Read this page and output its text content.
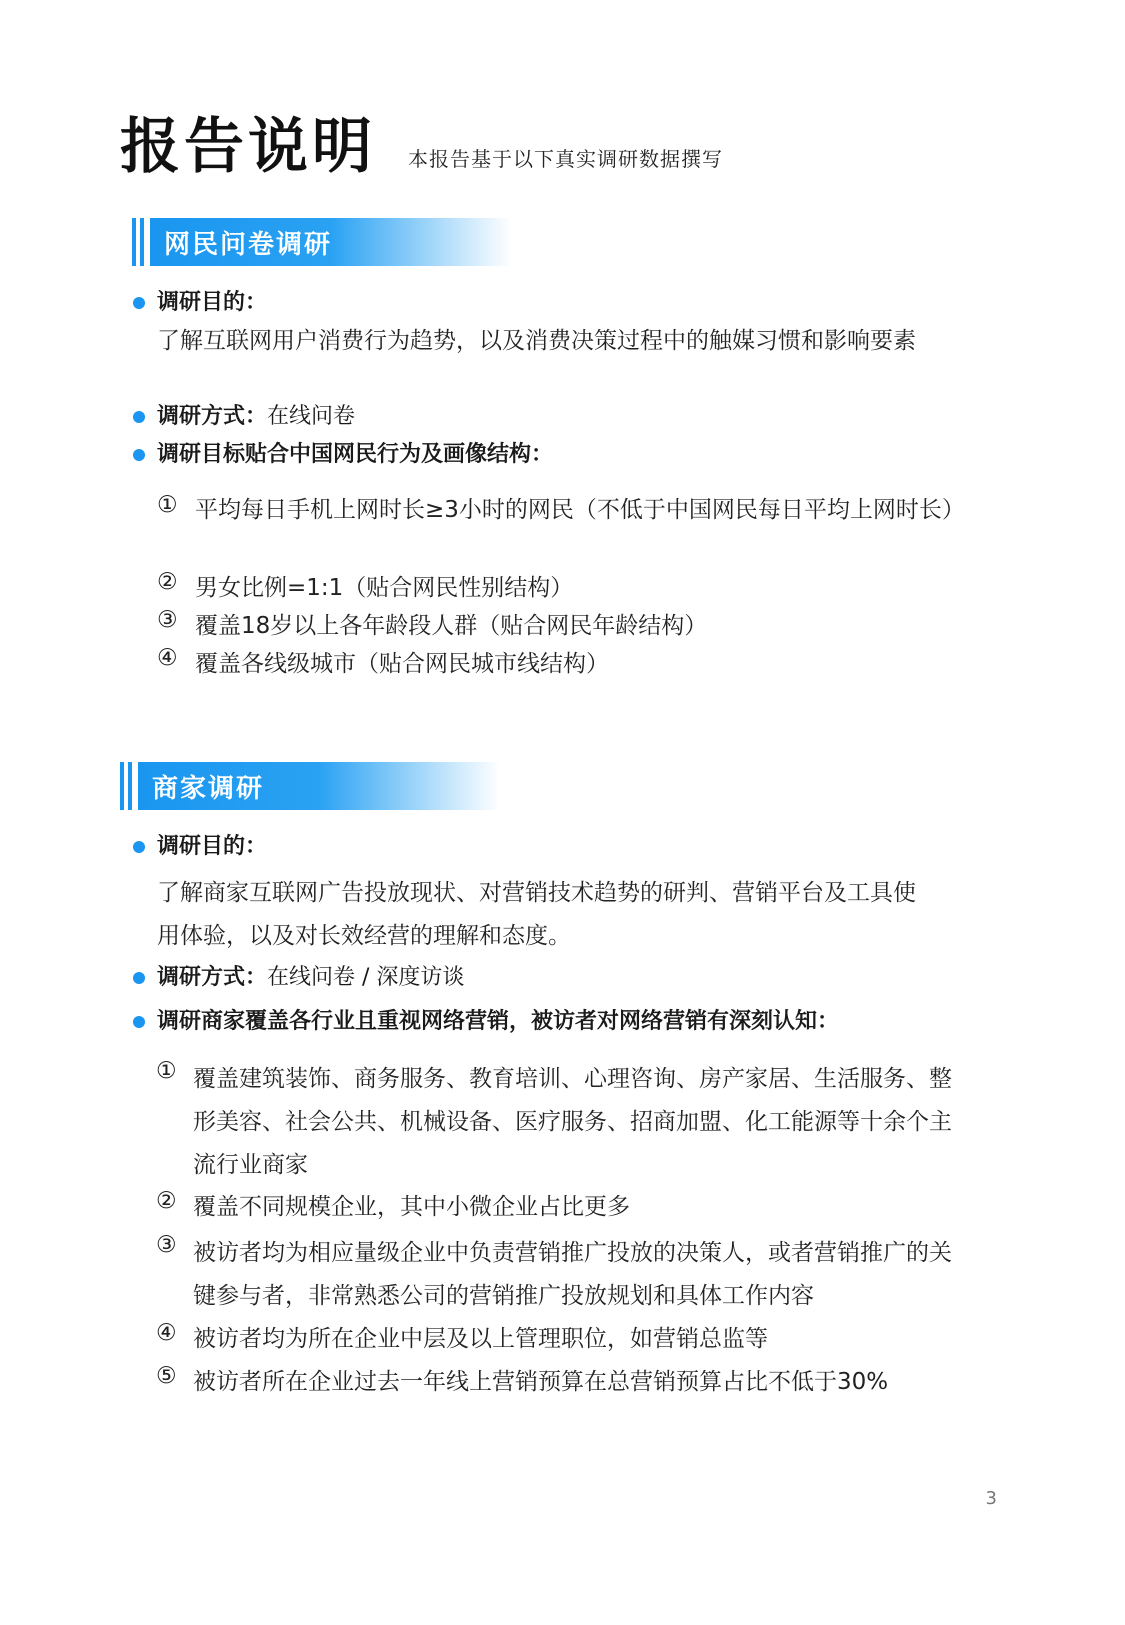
报告说明 本报告基于以下真实调研数据撰写
网民问卷调研
调研目的：
了解互联网用户消费行为趋势，以及消费决策过程中的触媒习惯和影响要素
调研方式：在线问卷
调研目标贴合中国网民行为及画像结构：
① 平均每日手机上网时长≥3小时的网民（不低于中国网民每日平均上网时长）
② 男女比例=1:1（贴合网民性别结构）
③ 覆盖18岁以上各年龄段人群（贴合网民年龄结构）
④ 覆盖各线级城市（贴合网民城市线结构）
商家调研
调研目的：
了解商家互联网广告投放现状、对营销技术趋势的研判、营销平台及工具使用体验，以及对长效经营的理解和态度。
调研方式：在线问卷 / 深度访谈
调研商家覆盖各行业且重视网络营销，被访者对网络营销有深刻认知：
① 覆盖建筑装饰、商务服务、教育培训、心理咨询、房产家居、生活服务、整形美容、社会公共、机械设备、医疗服务、招商加盟、化工能源等十余个主流行业商家
② 覆盖不同规模企业，其中小微企业占比更多
③ 被访者均为相应量级企业中负责营销推广投放的决策人，或者营销推广的关键参与者，非常熟悉公司的营销推广投放规划和具体工作内容
④ 被访者均为所在企业中层及以上管理职位，如营销总监等
⑤ 被访者所在企业过去一年线上营销预算在总营销预算占比不低于30%
3
